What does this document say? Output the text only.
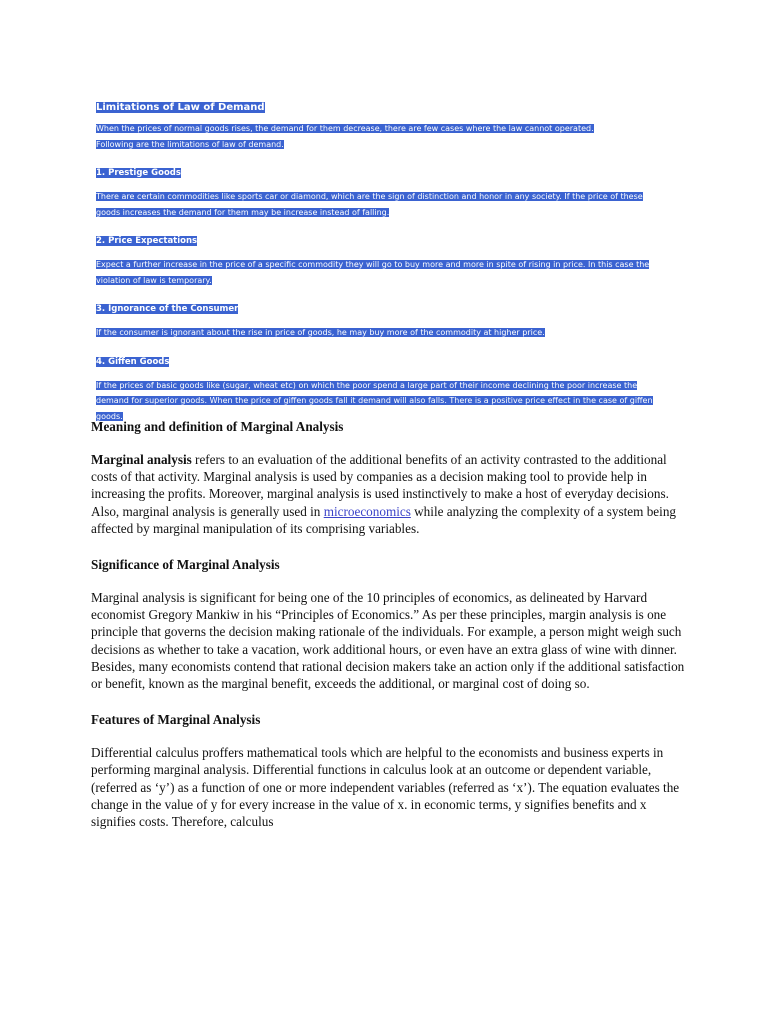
Limitations of Law of Demand

When the prices of normal goods rises, the demand for them decrease, there are few cases where the law cannot operated.
Following are the limitations of law of demand.

1. Prestige Goods

There are certain commodities like sports car or diamond, which are the sign of distinction and honor in any society. If the price of these goods increases the demand for them may be increase instead of falling.

2. Price Expectations

Expect a further increase in the price of a specific commodity they will go to buy more and more in spite of rising in price. In this case the violation of law is temporary.

3. Ignorance of the Consumer

If the consumer is ignorant about the rise in price of goods, he may buy more of the commodity at higher price.

4. Giffen Goods

If the prices of basic goods like (sugar, wheat etc) on which the poor spend a large part of their income declining the poor increase the demand for superior goods. When the price of giffen goods fall it demand will also falls. There is a positive price effect in the case of giffen goods.

Meaning and definition of Marginal Analysis

Marginal analysis refers to an evaluation of the additional benefits of an activity contrasted to the additional costs of that activity. Marginal analysis is used by companies as a decision making tool to provide help in increasing the profits. Moreover, marginal analysis is used instinctively to make a host of everyday decisions. Also, marginal analysis is generally used in microeconomics while analyzing the complexity of a system being affected by marginal manipulation of its comprising variables.

Significance of Marginal Analysis

Marginal analysis is significant for being one of the 10 principles of economics, as delineated by Harvard economist Gregory Mankiw in his “Principles of Economics.” As per these principles, margin analysis is one principle that governs the decision making rationale of the individuals. For example, a person might weigh such decisions as whether to take a vacation, work additional hours, or even have an extra glass of wine with dinner. Besides, many economists contend that rational decision makers take an action only if the additional satisfaction or benefit, known as the marginal benefit, exceeds the additional, or marginal cost of doing so.

Features of Marginal Analysis

Differential calculus proffers mathematical tools which are helpful to the economists and business experts in performing marginal analysis. Differential functions in calculus look at an outcome or dependent variable, (referred as ‘y’) as a function of one or more independent variables (referred as ‘x’). The equation evaluates the change in the value of y for every increase in the value of x. in economic terms, y signifies benefits and x signifies costs. Therefore, calculus
